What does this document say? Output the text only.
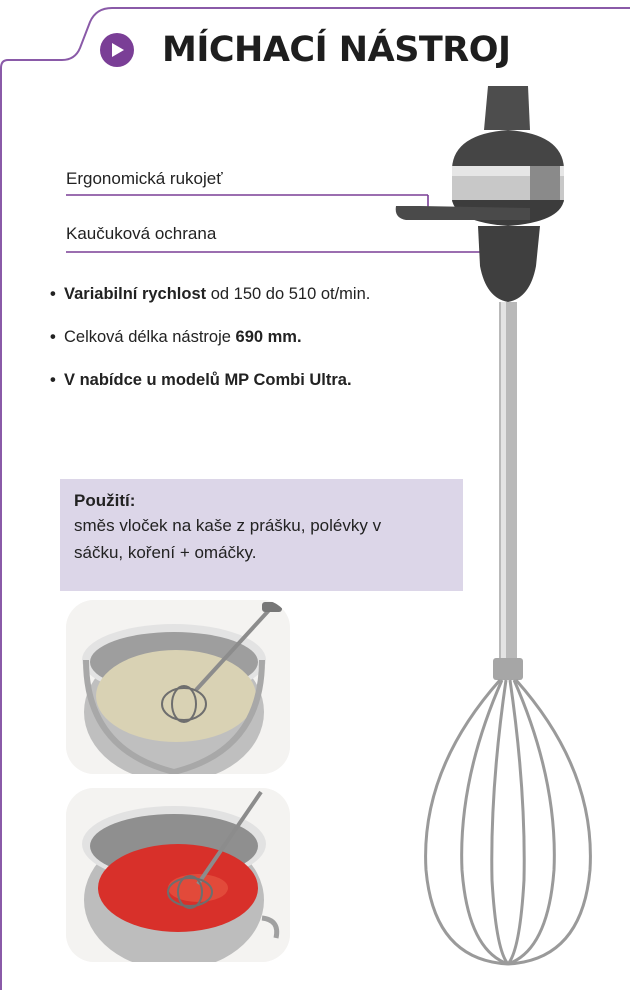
MÍCHACÍ NÁSTROJ
Ergonomická rukojeť
Kaučuková ochrana
• Variabilní rychlost od 150 do 510 ot/min.
• Celková délka nástroje 690 mm.
• V nabídce u modelů MP Combi Ultra.
Použití:
směs vloček na kaše z prášku, polévky v
sáčku, koření + omáčky.
